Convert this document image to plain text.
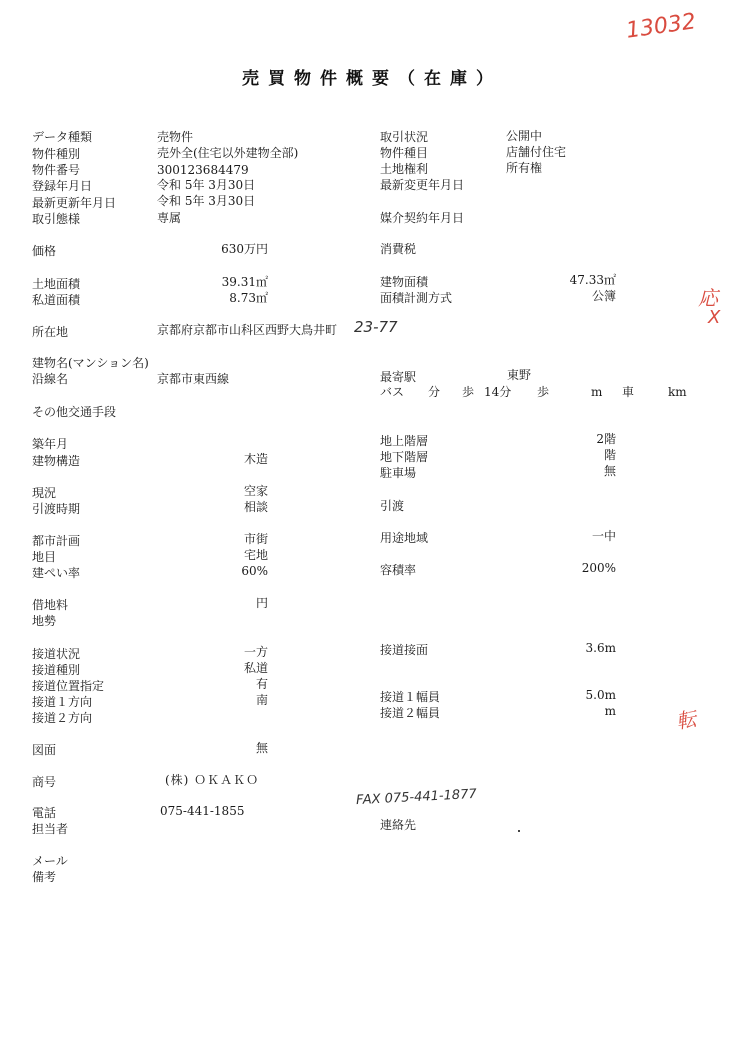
13032
売買物件概要（在庫）
データ種類	売物件
物件種別	売外全(住宅以外建物全部)
物件番号	300123684479
登録年月日	令和 5年 3月30日
最新更新年月日	令和 5年 3月30日
取引態様	専属
価格	630万円
土地面積	39.31㎡
私道面積	8.73㎡
所在地	京都府京都市山科区西野大鳥井町 23-77
建物名(マンション名)
沿線名	京都市東西線
その他交通手段
築年月
建物構造	木造
現況	空家
引渡時期	相談
都市計画	市街
地目	宅地
建ぺい率	60%
借地料	円
地勢
接道状況	一方
接道種別	私道
接道位置指定	有
接道１方向	南
接道２方向
図面	無
商号	(株) ＯＫＡＫＯ
電話	075-441-1855
担当者
メール
備考
取引状況	公開中
物件種目	店舗付住宅
土地権利	所有権
最新変更年月日
媒介契約年月日
消費税
建物面積	47.33㎡
面積計測方式	公簿	応
X
最寄駅	東野
バス 分 歩 14分 歩	m 車	km
地上階層	2階
地下階層	階
駐車場	無
引渡
用途地域	一中
容積率	200%
接道接面	3.6m
接道１幅員	5.0m
接道２幅員	m	転
FAX 075-441-1877
連絡先
